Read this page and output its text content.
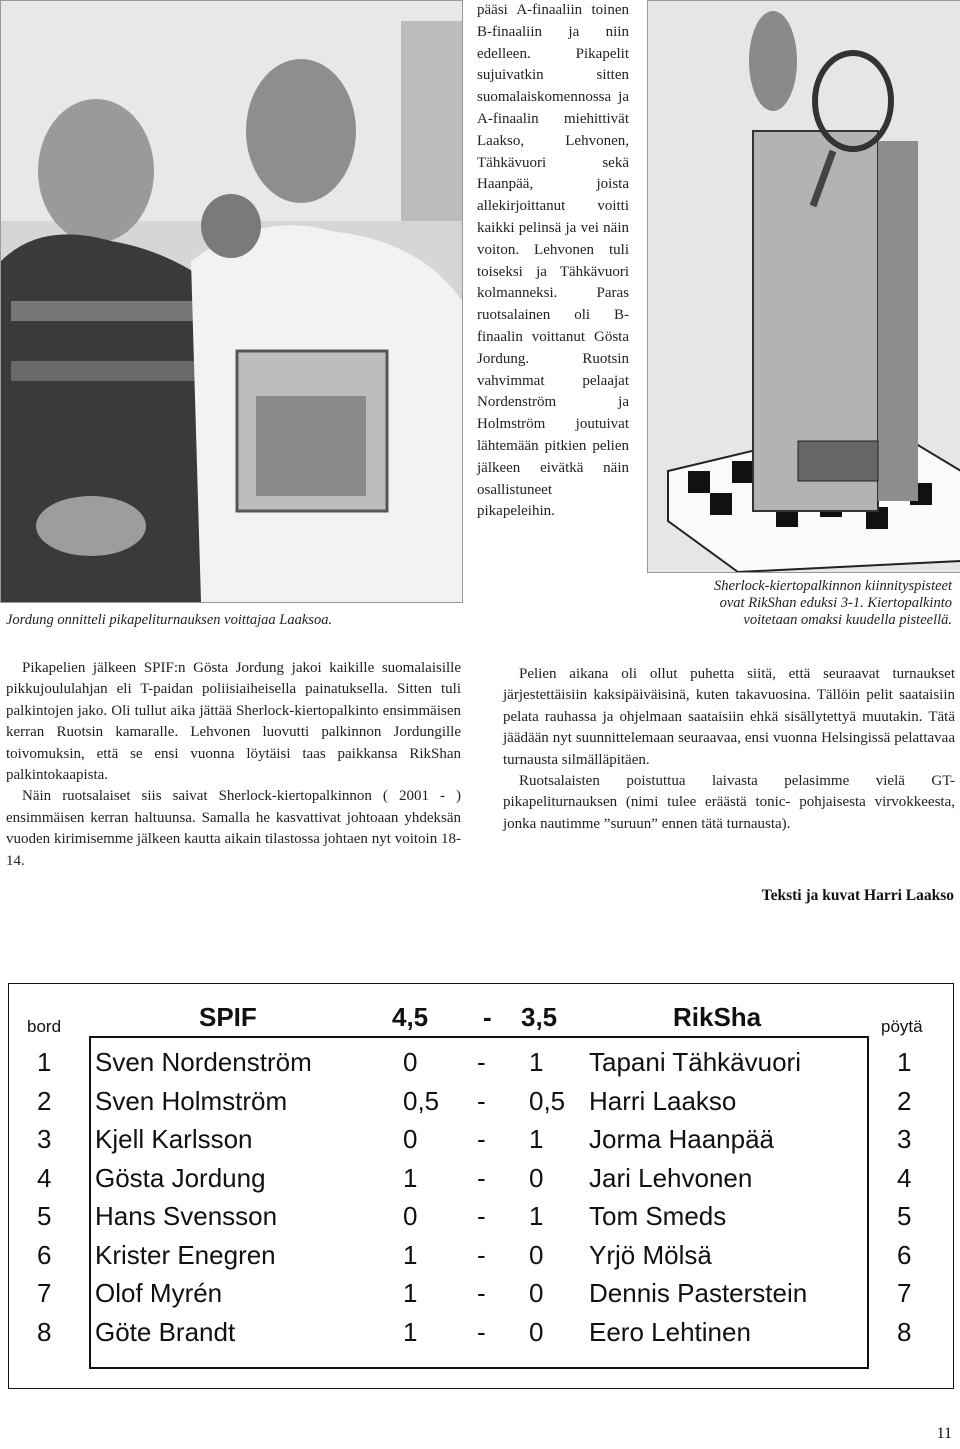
Jordung onnitteli pikapeliturnauksen voittajaa Laaksoa.
pääsi A-finaaliin toinen B-finaaliin ja niin edelleen. Pikapelit sujuivatkin sitten suomalaiskomennossa ja A-finaalin miehittivät Laakso, Lehvonen, Tähkävuori sekä Haanpää, joista allekirjoittanut voitti kaikki pelinsä ja vei näin voiton. Lehvonen tuli toiseksi ja Tähkävuori kolmanneksi. Paras ruotsalainen oli B-finaalin voittanut Gösta Jordung. Ruotsin vahvimmat pelaajat Nordenström ja Holmström joutuivat lähtemään pitkien pelien jälkeen eivätkä näin osallistuneet pikapeleihin.
Sherlock-kiertopalkinnon kiinnityspisteet
ovat RikShan eduksi 3-1. Kiertopalkinto
voitetaan omaksi kuudella pisteellä.

Pikapelien jälkeen SPIF:n Gösta Jordung jakoi kaikille suomalaisille pikkujoululahjan eli T-paidan poliisiaiheisella painatuksella. Sitten tuli palkintojen jako. Oli tullut aika jättää Sherlock-kiertopalkinto ensimmäisen kerran Ruotsin kamaralle. Lehvonen luovutti palkinnon Jordungille toivomuksin, että se ensi vuonna löytäisi taas paikkansa RikShan palkintokaapista.

Näin ruotsalaiset siis saivat Sherlock-kiertopalkinnon ( 2001 - ) ensimmäisen kerran haltuunsa. Samalla he kasvattivat johtoaan yhdeksän vuoden kirimisemme jälkeen kautta aikain tilastossa johtaen nyt voitoin 18- 14.

Pelien aikana oli ollut puhetta siitä, että seuraavat turnaukset järjestettäisiin kaksipäiväisinä, kuten takavuosina. Tällöin pelit saataisiin pelata rauhassa ja ohjelmaan saataisiin ehkä sisällytettyä muutakin. Tätä jäädään nyt suunnittelemaan seuraavaa, ensi vuonna Helsingissä pelattavaa turnausta silmälläpitäen.

Ruotsalaisten poistuttua laivasta pelasimme vielä GT-pikapeliturnauksen (nimi tulee eräästä tonic- pohjaisesta virvokkeesta, jonka nautimme ”suruun” ennen tätä turnausta).

Teksti ja kuvat Harri Laakso
bord	SPIF	4,5 - 3,5	RikSha	pöytä
1 Sven Nordenström	0 - 1 Tapani Tähkävuori	1
2 Sven Holmström	0,5 - 0,5 Harri Laakso	2
3 Kjell Karlsson	0 - 1 Jorma Haanpää	3
4 Gösta Jordung	1 - 0 Jari Lehvonen	4
5 Hans Svensson	0 - 1 Tom Smeds	5
6 Krister Enegren	1 - 0 Yrjö Mölsä	6
7 Olof Myrén	1 - 0 Dennis Pasterstein	7
8 Göte Brandt	1 - 0 Eero Lehtinen	8
11
